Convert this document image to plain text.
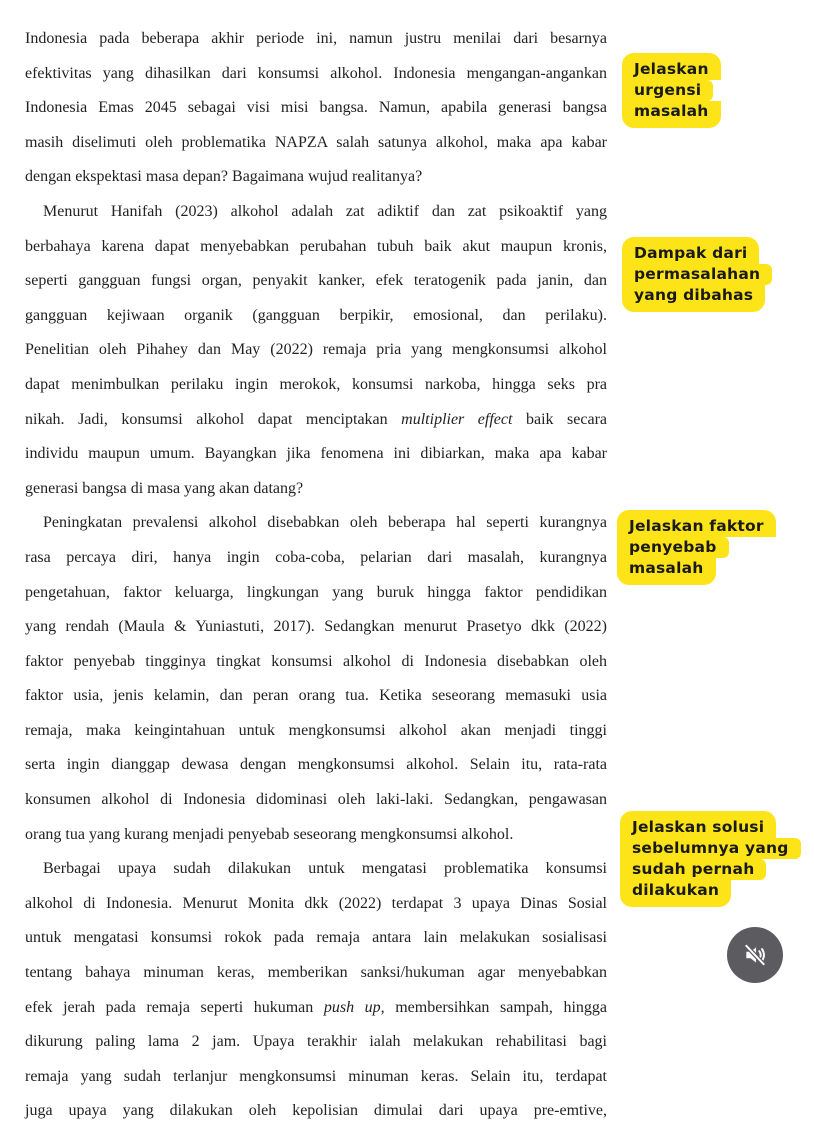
Indonesia pada beberapa akhir periode ini, namun justru menilai dari besarnya
efektivitas yang dihasilkan dari konsumsi alkohol. Indonesia mengangan-angankan
Indonesia Emas 2045 sebagai visi misi bangsa. Namun, apabila generasi bangsa
masih diselimuti oleh problematika NAPZA salah satunya alkohol, maka apa kabar
dengan ekspektasi masa depan? Bagaimana wujud realitanya?
Menurut Hanifah (2023) alkohol adalah zat adiktif dan zat psikoaktif yang
berbahaya karena dapat menyebabkan perubahan tubuh baik akut maupun kronis,
seperti gangguan fungsi organ, penyakit kanker, efek teratogenik pada janin, dan
gangguan kejiwaan organik (gangguan berpikir, emosional, dan perilaku).
Penelitian oleh Pihahey dan May (2022) remaja pria yang mengkonsumsi alkohol
dapat menimbulkan perilaku ingin merokok, konsumsi narkoba, hingga seks pra
nikah. Jadi, konsumsi alkohol dapat menciptakan multiplier effect baik secara
individu maupun umum. Bayangkan jika fenomena ini dibiarkan, maka apa kabar
generasi bangsa di masa yang akan datang?
Peningkatan prevalensi alkohol disebabkan oleh beberapa hal seperti kurangnya
rasa percaya diri, hanya ingin coba-coba, pelarian dari masalah, kurangnya
pengetahuan, faktor keluarga, lingkungan yang buruk hingga faktor pendidikan
yang rendah (Maula & Yuniastuti, 2017). Sedangkan menurut Prasetyo dkk (2022)
faktor penyebab tingginya tingkat konsumsi alkohol di Indonesia disebabkan oleh
faktor usia, jenis kelamin, dan peran orang tua. Ketika seseorang memasuki usia
remaja, maka keingintahuan untuk mengkonsumsi alkohol akan menjadi tinggi
serta ingin dianggap dewasa dengan mengkonsumsi alkohol. Selain itu, rata-rata
konsumen alkohol di Indonesia didominasi oleh laki-laki. Sedangkan, pengawasan
orang tua yang kurang menjadi penyebab seseorang mengkonsumsi alkohol.
Berbagai upaya sudah dilakukan untuk mengatasi problematika konsumsi
alkohol di Indonesia. Menurut Monita dkk (2022) terdapat 3 upaya Dinas Sosial
untuk mengatasi konsumsi rokok pada remaja antara lain melakukan sosialisasi
tentang bahaya minuman keras, memberikan sanksi/hukuman agar menyebabkan
efek jerah pada remaja seperti hukuman push up, membersihkan sampah, hingga
dikurung paling lama 2 jam. Upaya terakhir ialah melakukan rehabilitasi bagi
remaja yang sudah terlanjur mengkonsumsi minuman keras. Selain itu, terdapat
juga upaya yang dilakukan oleh kepolisian dimulai dari upaya pre-emtive,
Jelaskan
urgensi
masalah
Dampak dari
permasalahan
yang dibahas
Jelaskan faktor
penyebab
masalah
Jelaskan solusi
sebelumnya yang
sudah pernah
dilakukan
